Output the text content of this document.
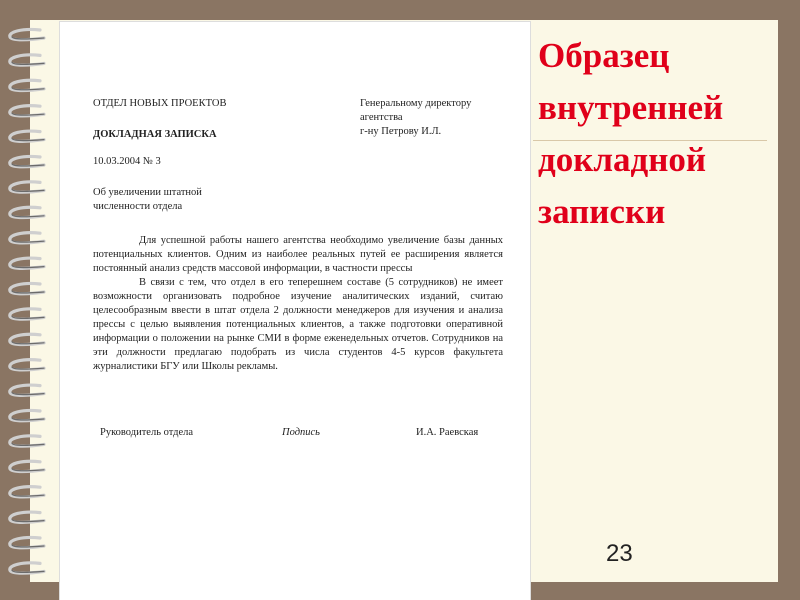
Образец
внутренней
докладной
записки
23
ОТДЕЛ НОВЫХ ПРОЕКТОВ
ДОКЛАДНАЯ ЗАПИСКА
10.03.2004 № 3
Генеральному директору
агентства
г-ну Петрову И.Л.
Об увеличении штатной
численности отдела

Для успешной работы нашего агентства необходимо увеличение базы данных потенциальных клиентов. Одним из наиболее реальных путей ее расширения является постоянный анализ средств массовой информации, в частности прессы

В связи с тем, что отдел в его теперешнем составе (5 сотрудников) не имеет возможности организовать подробное изучение аналитических изданий, считаю целесообразным ввести в штат отдела 2 должности менеджеров для изучения и анализа прессы с целью выявления потенциальных клиентов, а также подготовки оперативной информации о положении на рынке СМИ в форме еженедельных отчетов. Сотрудников на эти должности предлагаю подобрать из числа студентов 4-5 курсов факультета журналистики БГУ или Школы рекламы.

Руководитель отдела	Подпись	И.А. Раевская
